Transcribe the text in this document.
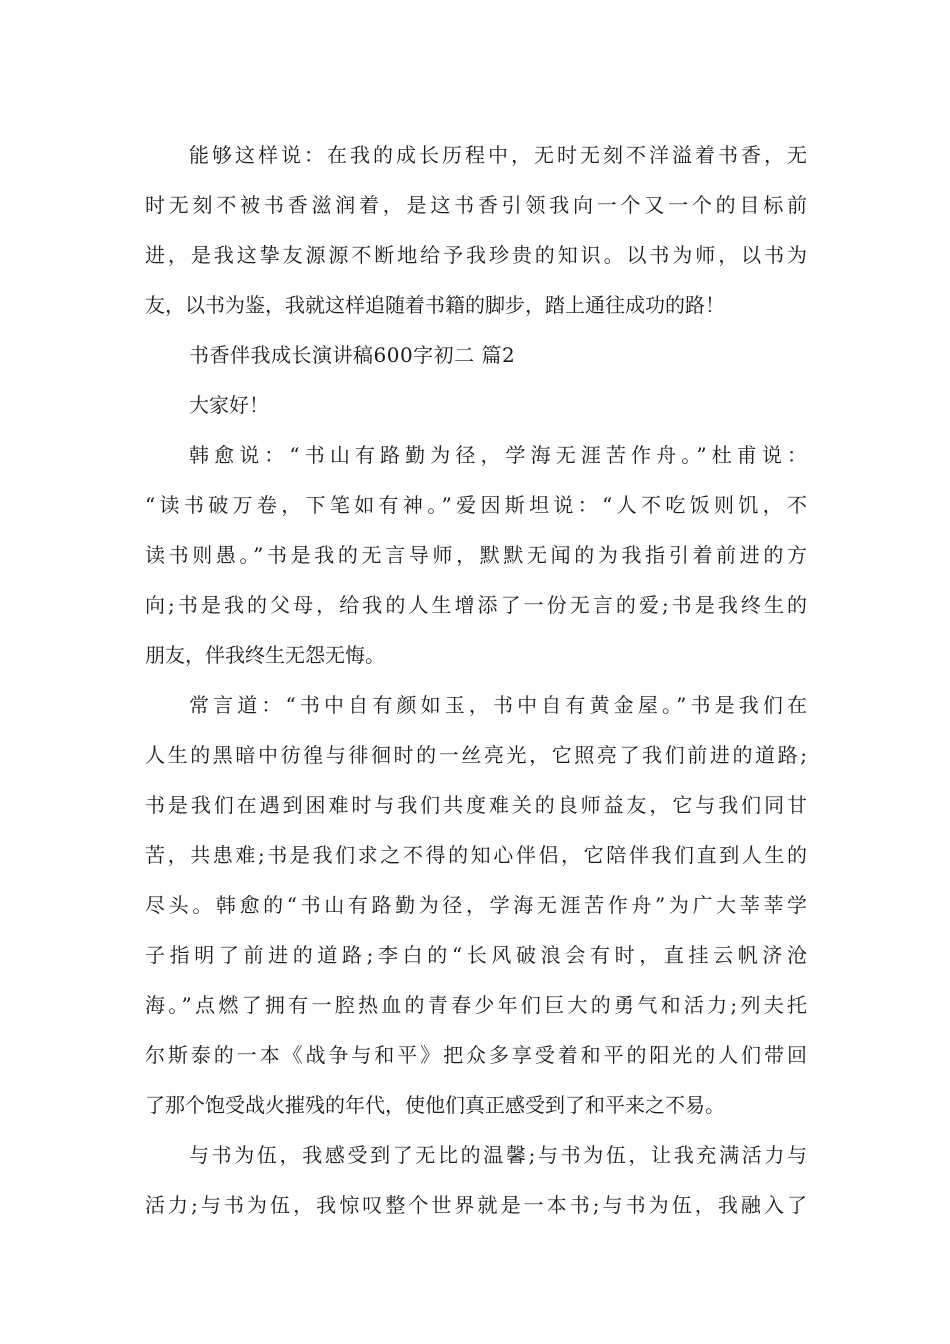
能够这样说：在我的成长历程中，无时无刻不洋溢着书香，无
时无刻不被书香滋润着，是这书香引领我向一个又一个的目标前
进，是我这挚友源源不断地给予我珍贵的知识。以书为师，以书为
友，以书为鉴，我就这样追随着书籍的脚步，踏上通往成功的路！
书香伴我成长演讲稿600字初二 篇2
大家好！
韩愈说：“书山有路勤为径，学海无涯苦作舟。”杜甫说：
“读书破万卷，下笔如有神。”爱因斯坦说：“人不吃饭则饥，不
读书则愚。”书是我的无言导师，默默无闻的为我指引着前进的方
向;书是我的父母，给我的人生增添了一份无言的爱;书是我终生的
朋友，伴我终生无怨无悔。
常言道：“书中自有颜如玉，书中自有黄金屋。”书是我们在
人生的黑暗中彷徨与徘徊时的一丝亮光，它照亮了我们前进的道路;
书是我们在遇到困难时与我们共度难关的良师益友，它与我们同甘
苦，共患难;书是我们求之不得的知心伴侣，它陪伴我们直到人生的
尽头。韩愈的“书山有路勤为径，学海无涯苦作舟”为广大莘莘学
子指明了前进的道路;李白的“长风破浪会有时，直挂云帆济沧
海。”点燃了拥有一腔热血的青春少年们巨大的勇气和活力;列夫托
尔斯泰的一本《战争与和平》把众多享受着和平的阳光的人们带回
了那个饱受战火摧残的年代，使他们真正感受到了和平来之不易。
与书为伍，我感受到了无比的温馨;与书为伍，让我充满活力与
活力;与书为伍，我惊叹整个世界就是一本书;与书为伍，我融入了
